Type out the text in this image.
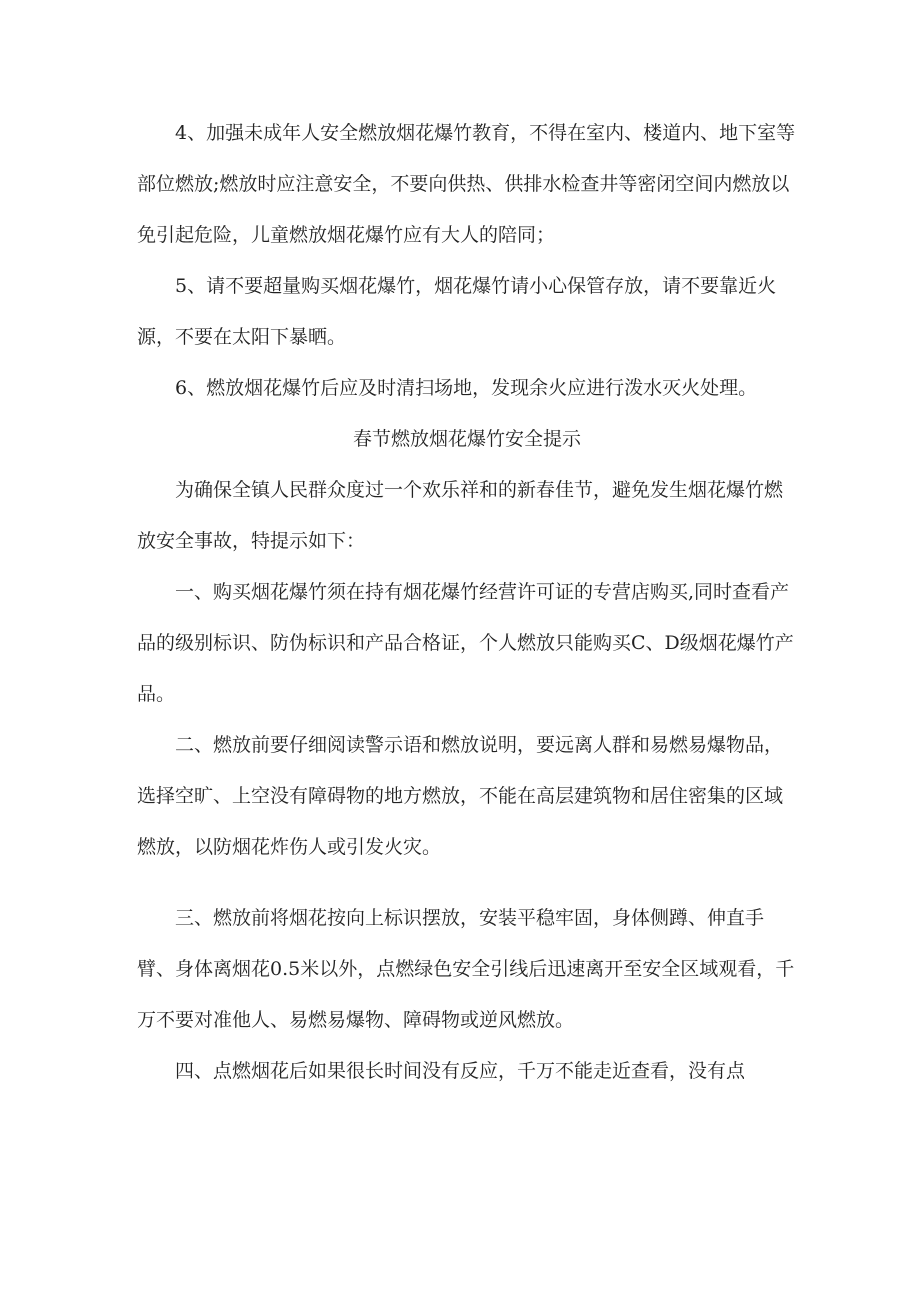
4、加强未成年人安全燃放烟花爆竹教育，不得在室内、楼道内、地下室等部位燃放;燃放时应注意安全，不要向供热、供排水检查井等密闭空间内燃放以免引起危险，儿童燃放烟花爆竹应有大人的陪同；

5、请不要超量购买烟花爆竹，烟花爆竹请小心保管存放，请不要靠近火源，不要在太阳下暴晒。

6、燃放烟花爆竹后应及时清扫场地，发现余火应进行泼水灭火处理。

春节燃放烟花爆竹安全提示

为确保全镇人民群众度过一个欢乐祥和的新春佳节，避免发生烟花爆竹燃放安全事故，特提示如下：

一、购买烟花爆竹须在持有烟花爆竹经营许可证的专营店购买,同时查看产品的级别标识、防伪标识和产品合格证，个人燃放只能购买C、D级烟花爆竹产品。

二、燃放前要仔细阅读警示语和燃放说明，要远离人群和易燃易爆物品，选择空旷、上空没有障碍物的地方燃放，不能在高层建筑物和居住密集的区域燃放，以防烟花炸伤人或引发火灾。

三、燃放前将烟花按向上标识摆放，安装平稳牢固，身体侧蹲、伸直手臂、身体离烟花0.5米以外，点燃绿色安全引线后迅速离开至安全区域观看，千万不要对准他人、易燃易爆物、障碍物或逆风燃放。

四、点燃烟花后如果很长时间没有反应，千万不能走近查看，没有点
